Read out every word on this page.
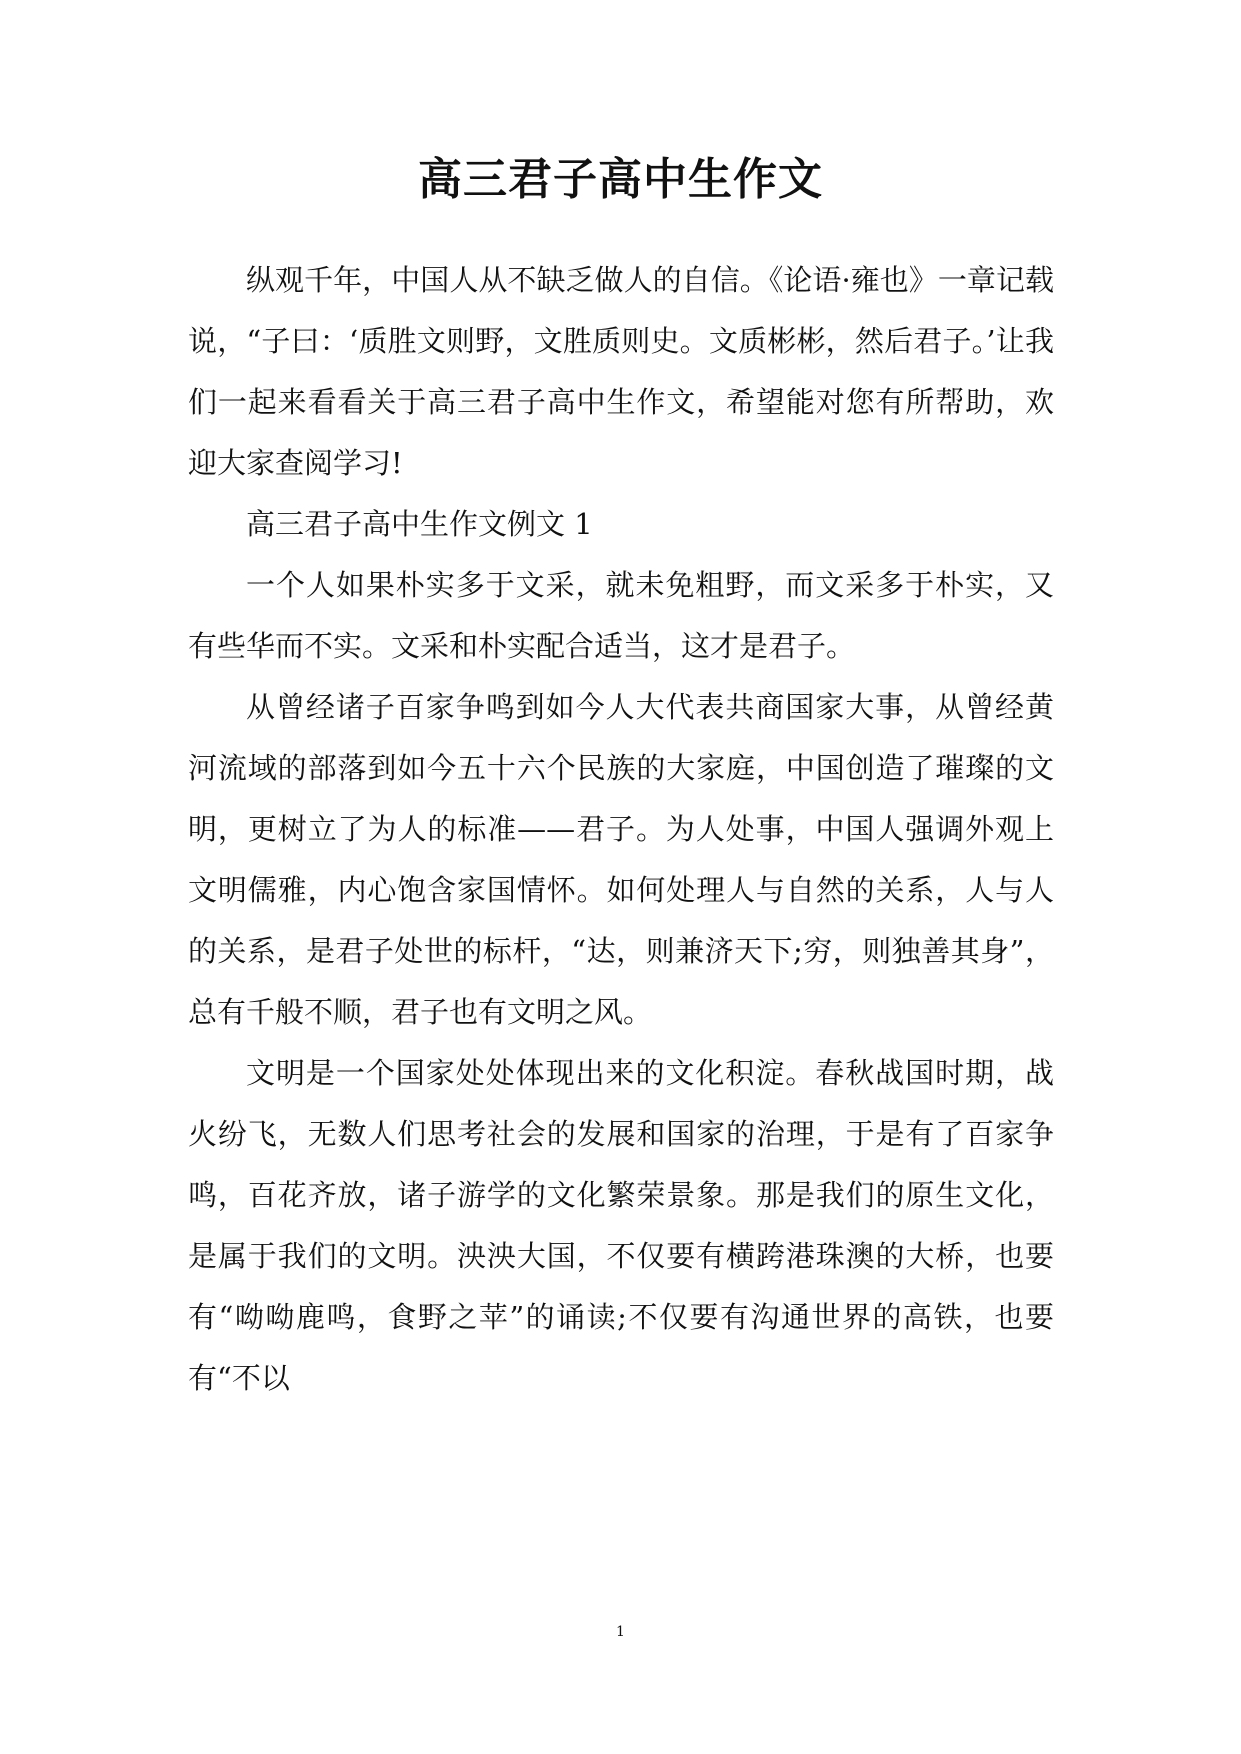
高三君子高中生作文

纵观千年，中国人从不缺乏做人的自信。《论语·雍也》一章记载说，“子曰：‘质胜文则野，文胜质则史。文质彬彬，然后君子。’让我们一起来看看关于高三君子高中生作文，希望能对您有所帮助，欢迎大家查阅学习!

高三君子高中生作文例文 1

一个人如果朴实多于文采，就未免粗野，而文采多于朴实，又有些华而不实。文采和朴实配合适当，这才是君子。

从曾经诸子百家争鸣到如今人大代表共商国家大事，从曾经黄河流域的部落到如今五十六个民族的大家庭，中国创造了璀璨的文明，更树立了为人的标准——君子。为人处事，中国人强调外观上文明儒雅，内心饱含家国情怀。如何处理人与自然的关系，人与人的关系，是君子处世的标杆，“达，则兼济天下;穷，则独善其身”，总有千般不顺，君子也有文明之风。

文明是一个国家处处体现出来的文化积淀。春秋战国时期，战火纷飞，无数人们思考社会的发展和国家的治理，于是有了百家争鸣，百花齐放，诸子游学的文化繁荣景象。那是我们的原生文化，是属于我们的文明。泱泱大国，不仅要有横跨港珠澳的大桥，也要有“呦呦鹿鸣，食野之苹”的诵读;不仅要有沟通世界的高铁，也要有“不以

1
